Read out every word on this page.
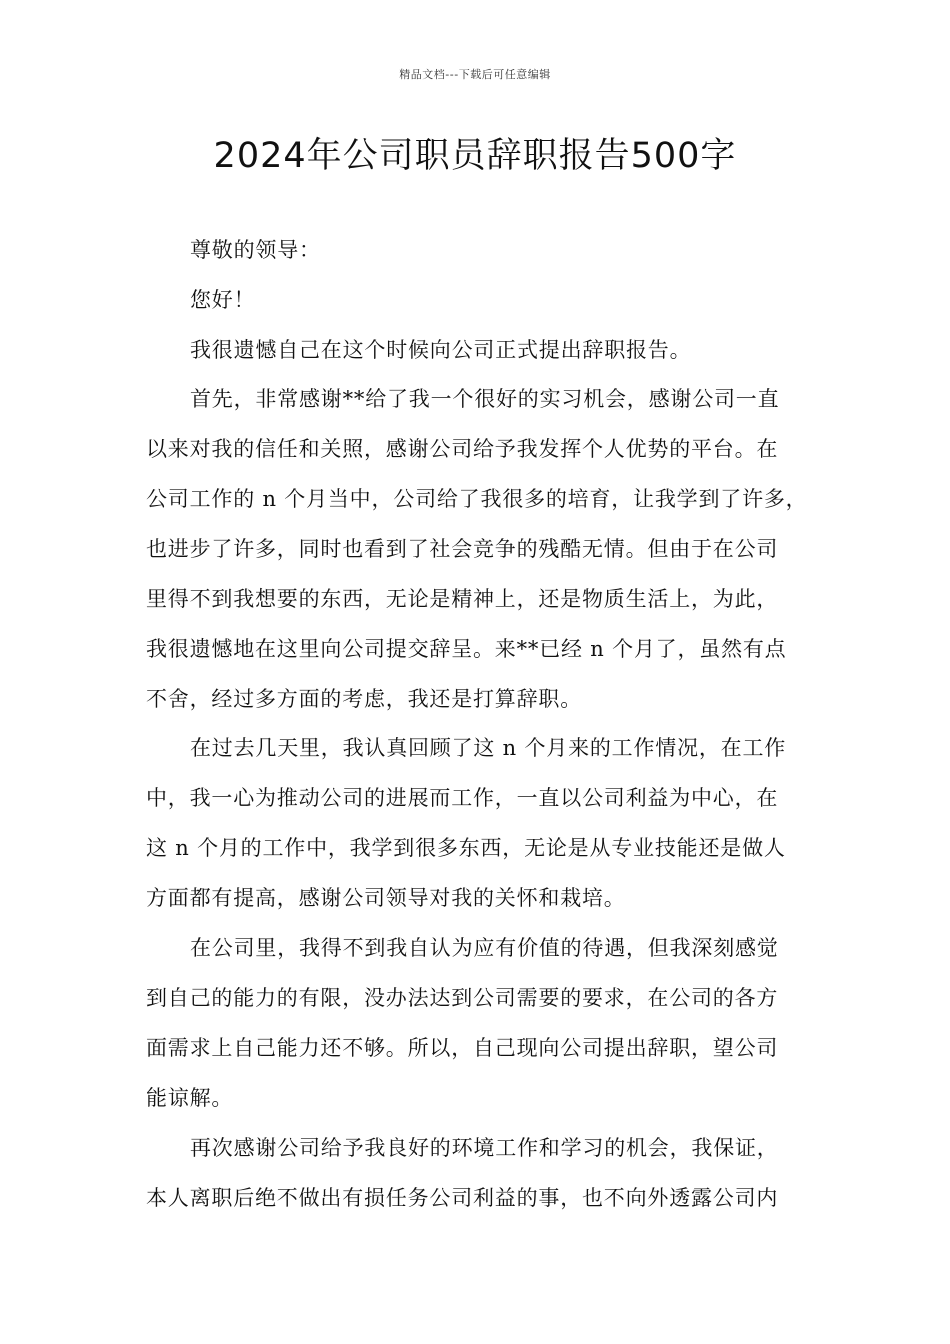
精品文档---下载后可任意编辑
2024年公司职员辞职报告500字
尊敬的领导：
您好！
我很遗憾自己在这个时候向公司正式提出辞职报告。
首先，非常感谢**给了我一个很好的实习机会，感谢公司一直
以来对我的信任和关照，感谢公司给予我发挥个人优势的平台。在
公司工作的 n 个月当中，公司给了我很多的培育，让我学到了许多，
也进步了许多，同时也看到了社会竞争的残酷无情。但由于在公司
里得不到我想要的东西，无论是精神上，还是物质生活上，为此，
我很遗憾地在这里向公司提交辞呈。来**已经 n 个月了，虽然有点
不舍，经过多方面的考虑，我还是打算辞职。
在过去几天里，我认真回顾了这 n 个月来的工作情况，在工作
中，我一心为推动公司的进展而工作，一直以公司利益为中心，在
这 n 个月的工作中，我学到很多东西，无论是从专业技能还是做人
方面都有提高，感谢公司领导对我的关怀和栽培。
在公司里，我得不到我自认为应有价值的待遇，但我深刻感觉
到自己的能力的有限，没办法达到公司需要的要求，在公司的各方
面需求上自己能力还不够。所以，自己现向公司提出辞职，望公司
能谅解。
再次感谢公司给予我良好的环境工作和学习的机会，我保证，
本人离职后绝不做出有损任务公司利益的事，也不向外透露公司内
